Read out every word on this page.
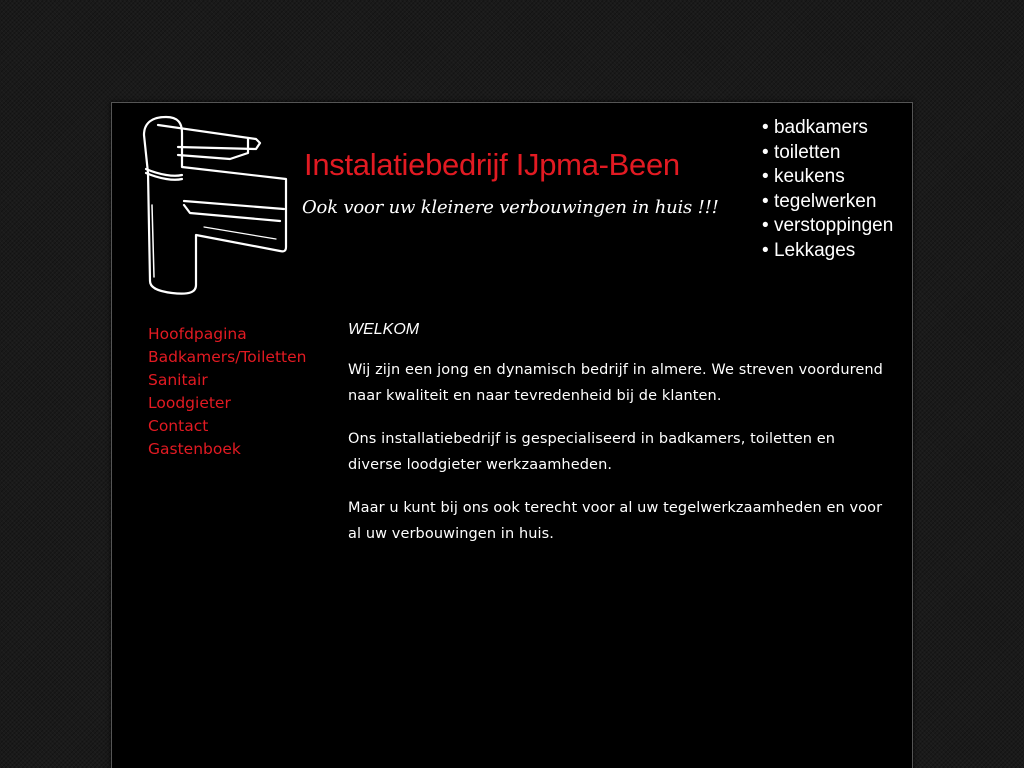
Instalatiebedrijf IJpma-Been
Ook voor uw kleinere verbouwingen in huis !!!
• badkamers
• toiletten
• keukens
• tegelwerken
• verstoppingen
• Lekkages
Hoofdpagina
Badkamers/Toiletten
Sanitair
Loodgieter
Contact
Gastenboek
WELKOM

Wij zijn een jong en dynamisch bedrijf in almere. We streven voordurend naar kwaliteit en naar tevredenheid bij de klanten.

Ons installatiebedrijf is gespecialiseerd in badkamers, toiletten en diverse loodgieter werkzaamheden.

Maar u kunt bij ons ook terecht voor al uw tegelwerkzaamheden en voor al uw verbouwingen in huis.
